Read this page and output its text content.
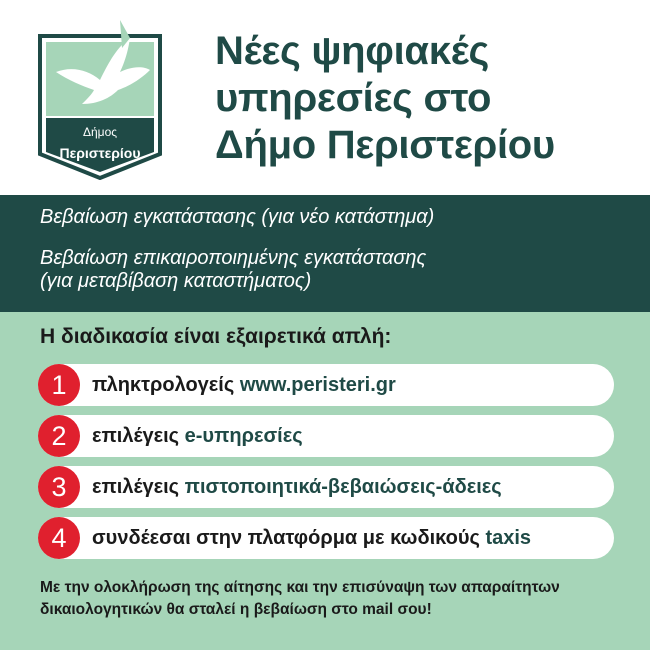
Δήμος
Περιστερίου
Νέες ψηφιακές
υπηρεσίες στο
Δήμο Περιστερίου
Βεβαίωση εγκατάστασης (για νέο κατάστημα)
Βεβαίωση επικαιροποιημένης εγκατάστασης
(για μεταβίβαση καταστήματος)
Η διαδικασία είναι εξαιρετικά απλή:
1	πληκτρολογείς www.peristeri.gr
2	επιλέγεις e-υπηρεσίες
3	επιλέγεις πιστοποιητικά-βεβαιώσεις-άδειες
4	συνδέεσαι στην πλατφόρμα με κωδικούς taxis
Με την ολοκλήρωση της αίτησης και την επισύναψη των απαραίτητων δικαιολογητικών θα σταλεί η βεβαίωση στο mail σου!
